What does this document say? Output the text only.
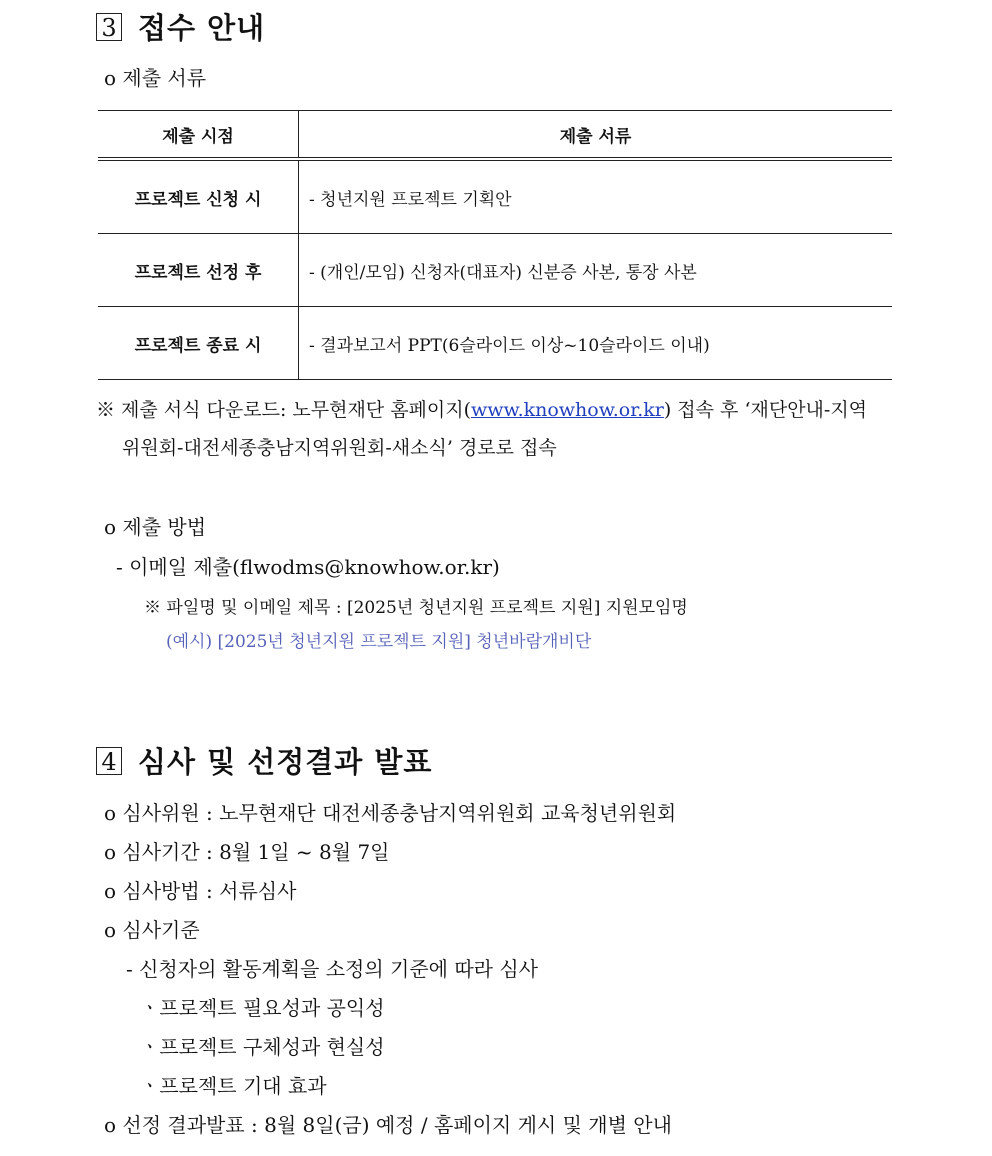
3 접수 안내
o 제출 서류
제출 시점	제출 서류
프로젝트 신청 시	- 청년지원 프로젝트 기획안
프로젝트 선정 후	- (개인/모임) 신청자(대표자) 신분증 사본, 통장 사본
프로젝트 종료 시	- 결과보고서 PPT(6슬라이드 이상~10슬라이드 이내)
※ 제출 서식 다운로드: 노무현재단 홈페이지(www.knowhow.or.kr) 접속 후 ‘재단안내-지역
위원회-대전세종충남지역위원회-새소식’ 경로로 접속
o 제출 방법
- 이메일 제출(flwodms@knowhow.or.kr)
※ 파일명 및 이메일 제목 : [2025년 청년지원 프로젝트 지원] 지원모임명
(예시) [2025년 청년지원 프로젝트 지원] 청년바람개비단
4 심사 및 선정결과 발표
o 심사위원 : 노무현재단 대전세종충남지역위원회 교육청년위원회
o 심사기간 : 8월 1일 ~ 8월 7일
o 심사방법 : 서류심사
o 심사기준
- 신청자의 활동계획을 소정의 기준에 따라 심사
ㆍ프로젝트 필요성과 공익성
ㆍ프로젝트 구체성과 현실성
ㆍ프로젝트 기대 효과
o 선정 결과발표 : 8월 8일(금) 예정 / 홈페이지 게시 및 개별 안내
